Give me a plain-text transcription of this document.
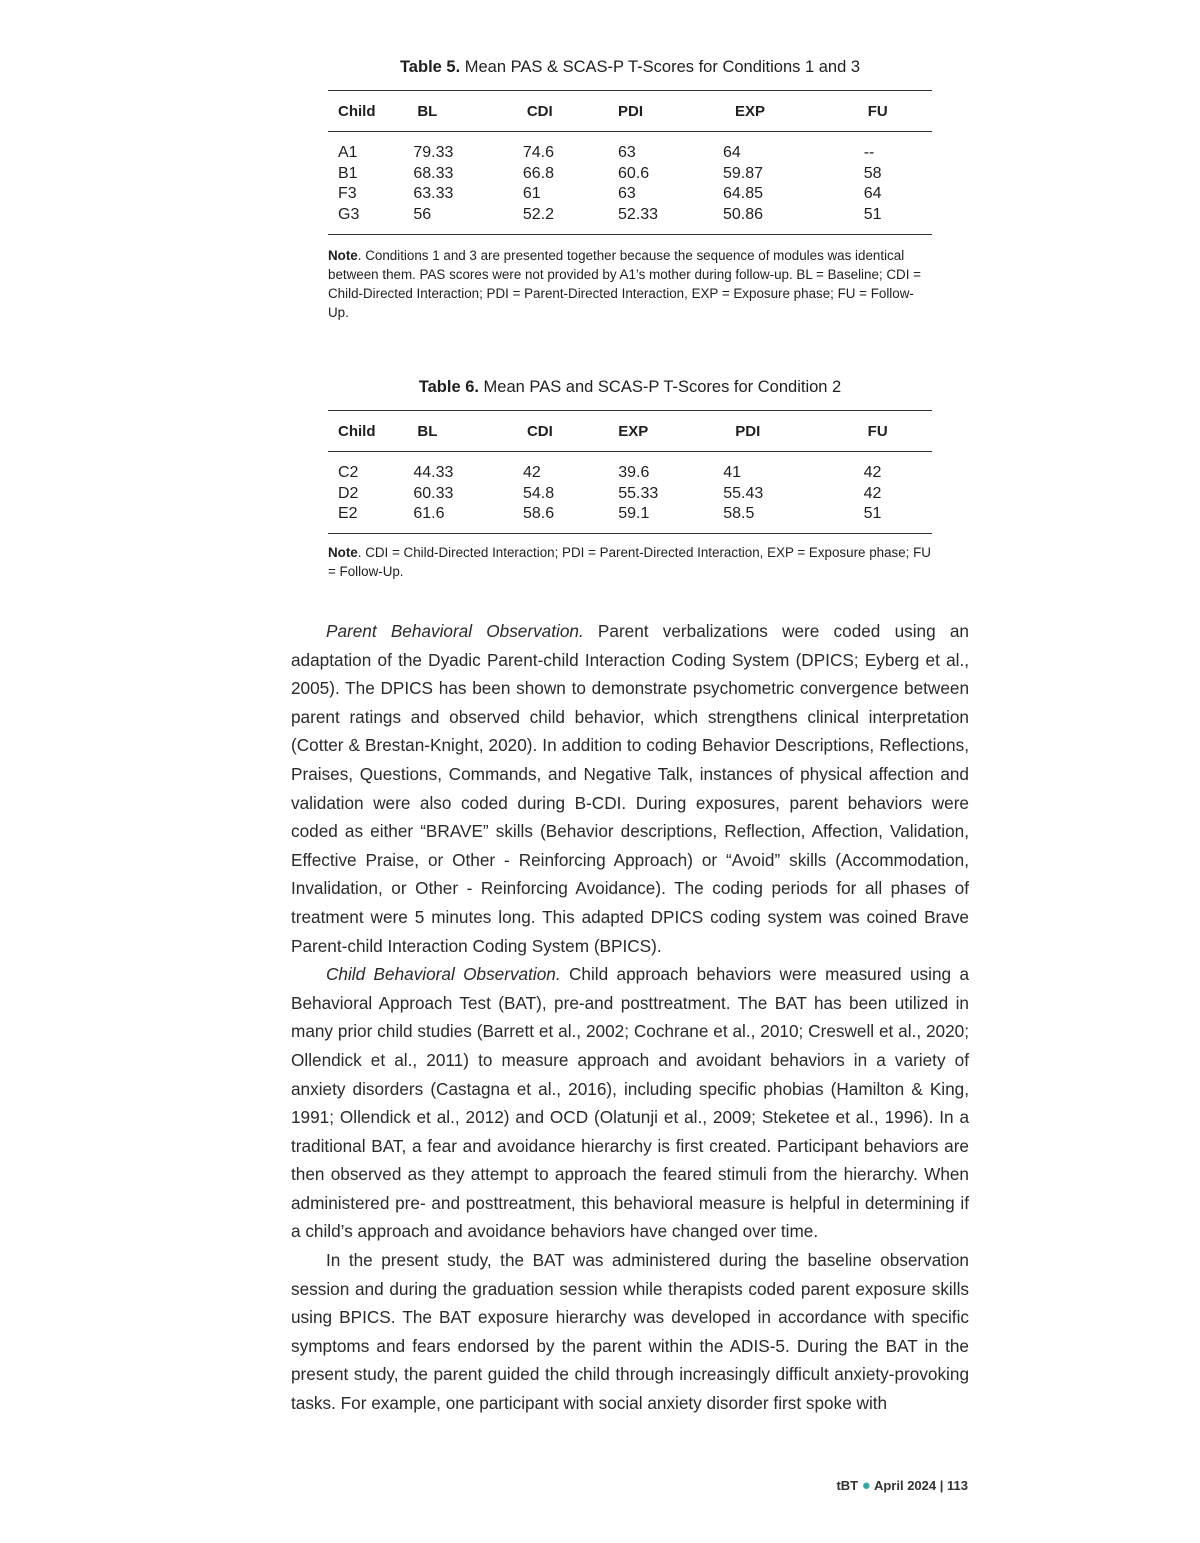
Table 5. Mean PAS & SCAS-P T-Scores for Conditions 1 and 3

Child	BL	CDI	PDI	EXP	FU

A1	79.33	74.6	63	64	--
B1	68.33	66.8	60.6	59.87	58
F3	63.33	61	63	64.85	64
G3	56	52.2	52.33	50.86	51

Note. Conditions 1 and 3 are presented together because the sequence of modules was identical between them. PAS scores were not provided by A1’s mother during follow-up. BL = Baseline; CDI = Child-Directed Interaction; PDI = Parent-Directed Interaction, EXP = Exposure phase; FU = Follow-Up.

Table 6. Mean PAS and SCAS-P T-Scores for Condition 2

Child	BL	CDI	EXP	PDI	FU

C2	44.33	42	39.6	41	42
D2	60.33	54.8	55.33	55.43	42
E2	61.6	58.6	59.1	58.5	51

Note. CDI = Child-Directed Interaction; PDI = Parent-Directed Interaction, EXP = Exposure phase; FU = Follow-Up.

Parent Behavioral Observation. Parent verbalizations were coded using an adaptation of the Dyadic Parent-child Interaction Coding System (DPICS; Eyberg et al., 2005). The DPICS has been shown to demonstrate psychometric convergence between parent ratings and observed child behavior, which strengthens clinical interpretation (Cotter & Brestan-Knight, 2020). In addition to coding Behavior Descriptions, Reflections, Praises, Questions, Commands, and Negative Talk, instances of physical affection and validation were also coded during B-CDI. During exposures, parent behaviors were coded as either “BRAVE” skills (Behavior descriptions, Reflection, Affection, Validation, Effective Praise, or Other - Reinforcing Approach) or “Avoid” skills (Accommodation, Invalidation, or Other - Reinforcing Avoidance). The coding periods for all phases of treatment were 5 minutes long. This adapted DPICS coding system was coined Brave Parent-child Interaction Coding System (BPICS).

Child Behavioral Observation. Child approach behaviors were measured using a Behavioral Approach Test (BAT), pre-and posttreatment. The BAT has been utilized in many prior child studies (Barrett et al., 2002; Cochrane et al., 2010; Creswell et al., 2020; Ollendick et al., 2011) to measure approach and avoidant behaviors in a variety of anxiety disorders (Castagna et al., 2016), including specific phobias (Hamilton & King, 1991; Ollendick et al., 2012) and OCD (Olatunji et al., 2009; Steketee et al., 1996). In a traditional BAT, a fear and avoidance hierarchy is first created. Participant behaviors are then observed as they attempt to approach the feared stimuli from the hierarchy. When administered pre- and posttreatment, this behavioral measure is helpful in determining if a child’s approach and avoidance behaviors have changed over time.

In the present study, the BAT was administered during the baseline observation session and during the graduation session while therapists coded parent exposure skills using BPICS. The BAT exposure hierarchy was developed in accordance with specific symptoms and fears endorsed by the parent within the ADIS-5. During the BAT in the present study, the parent guided the child through increasingly difficult anxiety-provoking tasks. For example, one participant with social anxiety disorder first spoke with

tBT ● April 2024 | 113
